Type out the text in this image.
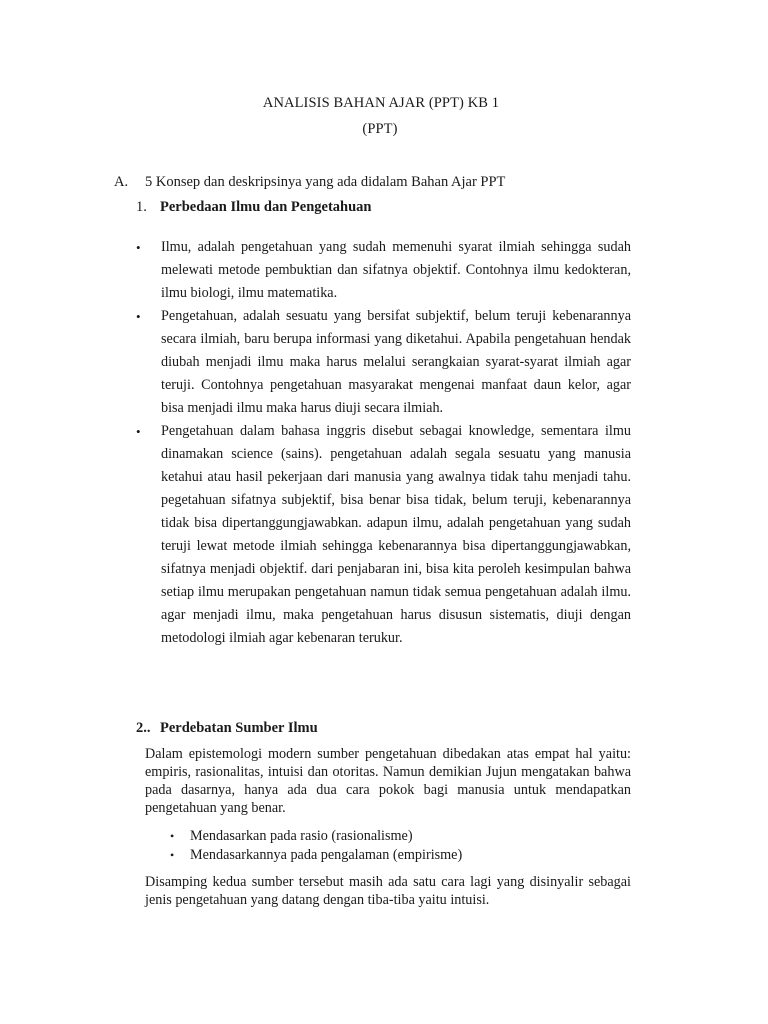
ANALISIS BAHAN AJAR (PPT) KB 1
(PPT)
A. 5 Konsep dan deskripsinya yang ada didalam Bahan Ajar PPT
1. Perbedaan Ilmu dan Pengetahuan
• Ilmu, adalah pengetahuan yang sudah memenuhi syarat ilmiah sehingga sudah melewati metode pembuktian dan sifatnya objektif. Contohnya ilmu kedokteran, ilmu biologi, ilmu matematika.
• Pengetahuan, adalah sesuatu yang bersifat subjektif, belum teruji kebenarannya secara ilmiah, baru berupa informasi yang diketahui. Apabila pengetahuan hendak diubah menjadi ilmu maka harus melalui serangkaian syarat-syarat ilmiah agar teruji. Contohnya pengetahuan masyarakat mengenai manfaat daun kelor, agar bisa menjadi ilmu maka harus diuji secara ilmiah.
• Pengetahuan dalam bahasa inggris disebut sebagai knowledge, sementara ilmu dinamakan science (sains). pengetahuan adalah segala sesuatu yang manusia ketahui atau hasil pekerjaan dari manusia yang awalnya tidak tahu menjadi tahu. pegetahuan sifatnya subjektif, bisa benar bisa tidak, belum teruji, kebenarannya tidak bisa dipertanggungjawabkan. adapun ilmu, adalah pengetahuan yang sudah teruji lewat metode ilmiah sehingga kebenarannya bisa dipertanggungjawabkan, sifatnya menjadi objektif. dari penjabaran ini, bisa kita peroleh kesimpulan bahwa setiap ilmu merupakan pengetahuan namun tidak semua pengetahuan adalah ilmu. agar menjadi ilmu, maka pengetahuan harus disusun sistematis, diuji dengan metodologi ilmiah agar kebenaran terukur.
2.. Perdebatan Sumber Ilmu

Dalam epistemologi modern sumber pengetahuan dibedakan atas empat hal yaitu: empiris, rasionalitas, intuisi dan otoritas. Namun demikian Jujun mengatakan bahwa pada dasarnya, hanya ada dua cara pokok bagi manusia untuk mendapatkan pengetahuan yang benar.

• Mendasarkan pada rasio (rasionalisme)
• Mendasarkannya pada pengalaman (empirisme)

Disamping kedua sumber tersebut masih ada satu cara lagi yang disinyalir sebagai jenis pengetahuan yang datang dengan tiba-tiba yaitu intuisi.
